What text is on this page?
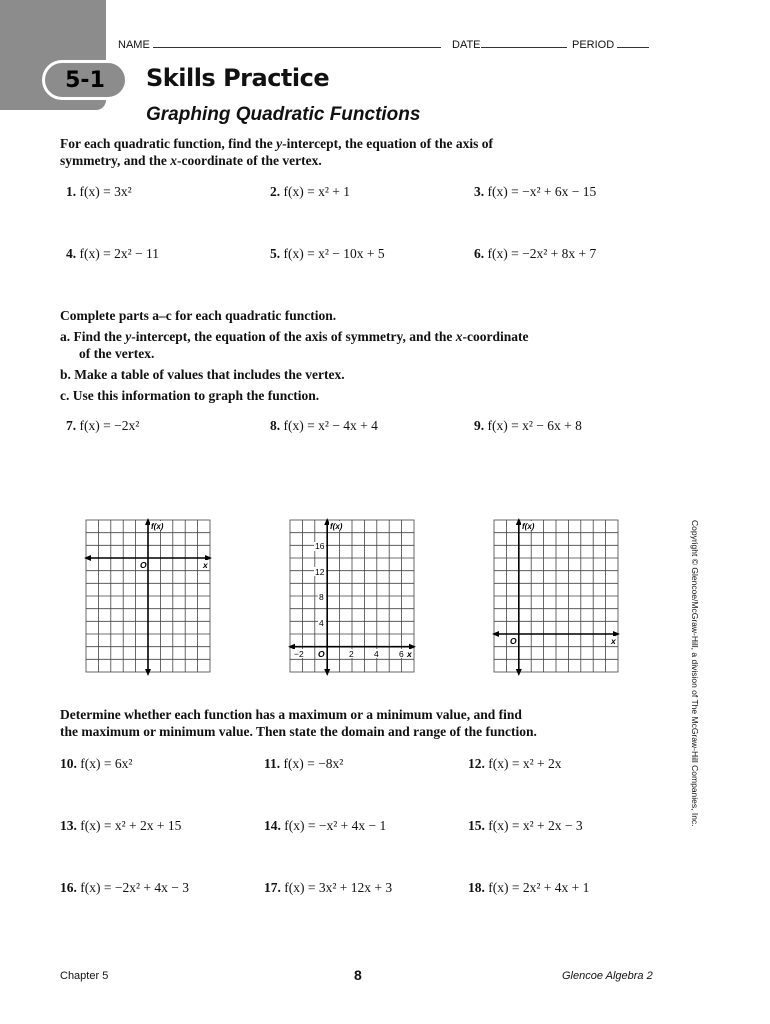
5-1
NAME	DATE	PERIOD
Skills Practice
Graphing Quadratic Functions
For each quadratic function, find the y-intercept, the equation of the axis of
symmetry, and the x-coordinate of the vertex.
1. f(x) = 3x²	2. f(x) = x² + 1	3. f(x) = −x² + 6x − 15
4. f(x) = 2x² − 11	5. f(x) = x² − 10x + 5	6. f(x) = −2x² + 8x + 7
Complete parts a–c for each quadratic function.
a. Find the y-intercept, the equation of the axis of symmetry, and the x-coordinate
of the vertex.
b. Make a table of values that includes the vertex.
c. Use this information to graph the function.
7. f(x) = −2x²	8. f(x) = x² − 4x + 4	9. f(x) = x² − 6x + 8
f(x)
O	x
f(x)
16
12
8
4
−2 O	2 4 6 x
f(x)
O	x
Determine whether each function has a maximum or a minimum value, and find
the maximum or minimum value. Then state the domain and range of the function.
10. f(x) = 6x²	11. f(x) = −8x²	12. f(x) = x² + 2x
13. f(x) = x² + 2x + 15	14. f(x) = −x² + 4x − 1	15. f(x) = x² + 2x − 3
16. f(x) = −2x² + 4x − 3	17. f(x) = 3x² + 12x + 3	18. f(x) = 2x² + 4x + 1
Copyright © Glencoe/McGraw-Hill, a division of The McGraw-Hill Companies, Inc.
Chapter 5	8	Glencoe Algebra 2
